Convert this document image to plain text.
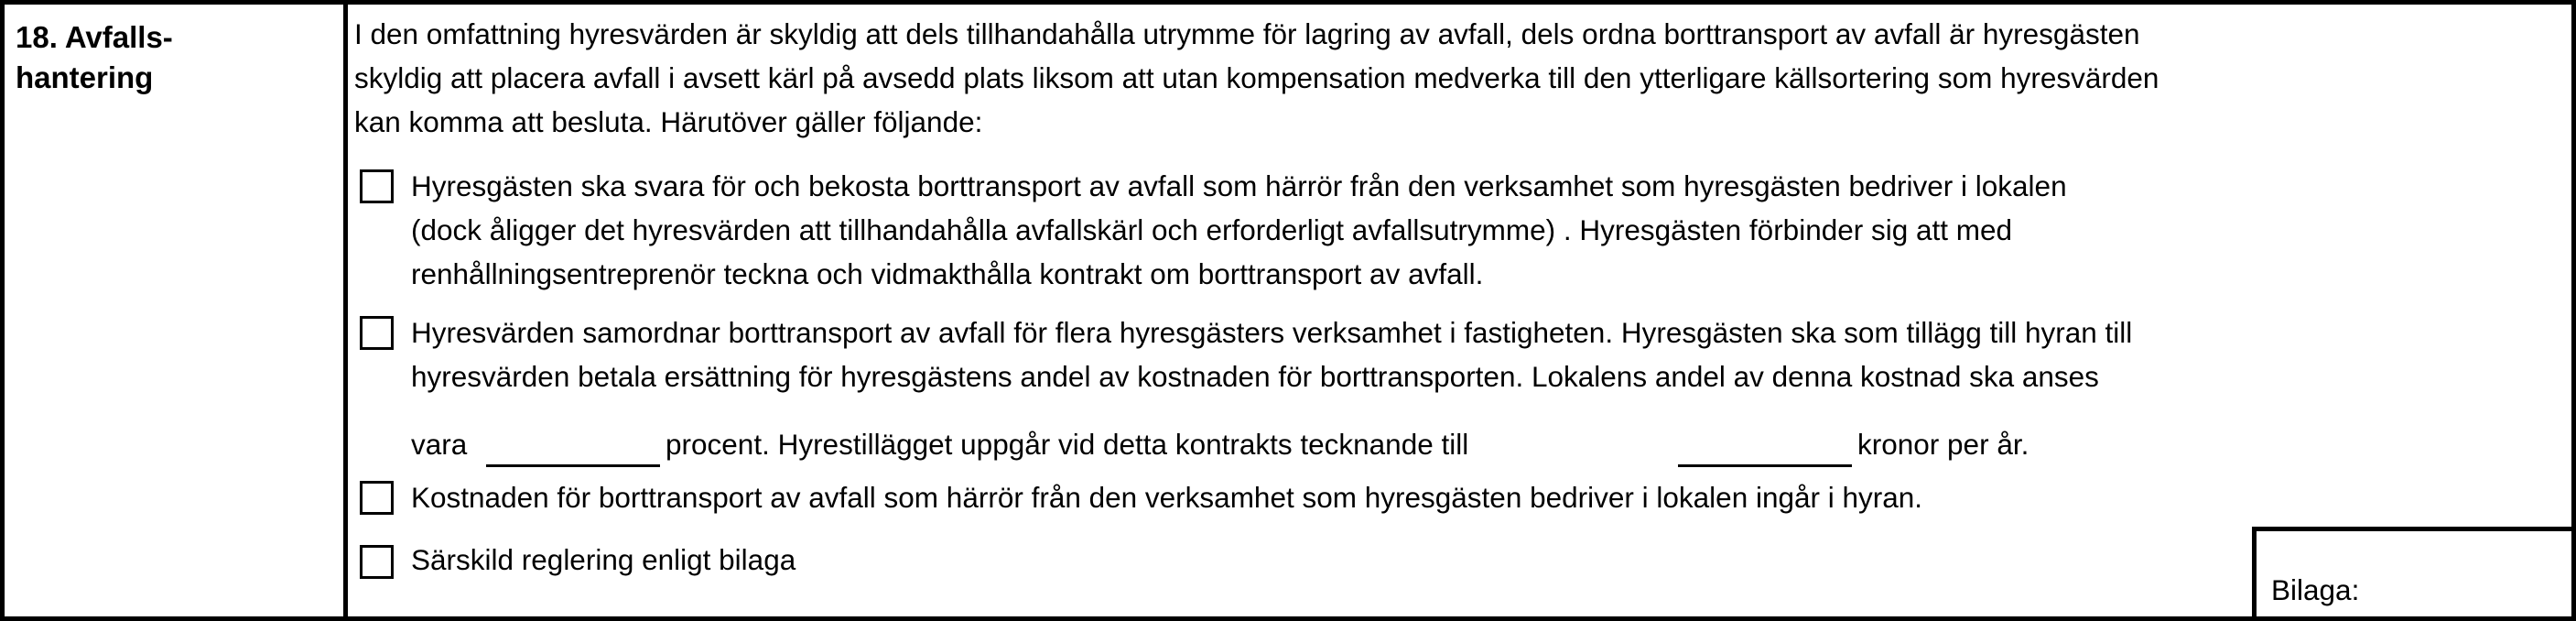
18. Avfalls-
hantering
I den omfattning hyresvärden är skyldig att dels tillhandahålla utrymme för lagring av avfall, dels ordna borttransport av avfall är hyresgästen
skyldig att placera avfall i avsett kärl på avsedd plats liksom att utan kompensation medverka till den ytterligare källsortering som hyresvärden
kan komma att besluta. Härutöver gäller följande:
Hyresgästen ska svara för och bekosta borttransport av avfall som härrör från den verksamhet som hyresgästen bedriver i lokalen
(dock åligger det hyresvärden att tillhandahålla avfallskärl och erforderligt avfallsutrymme) . Hyresgästen förbinder sig att med
renhållningsentreprenör teckna och vidmakthålla kontrakt om borttransport av avfall.
Hyresvärden samordnar borttransport av avfall för flera hyresgästers verksamhet i fastigheten. Hyresgästen ska som tillägg till hyran till
hyresvärden betala ersättning för hyresgästens andel av kostnaden för borttransporten. Lokalens andel av denna kostnad ska anses
vara	procent. Hyrestillägget uppgår vid detta kontrakts tecknande till	kronor per år.
Kostnaden för borttransport av avfall som härrör från den verksamhet som hyresgästen bedriver i lokalen ingår i hyran.
Särskild reglering enligt bilaga
Bilaga:
